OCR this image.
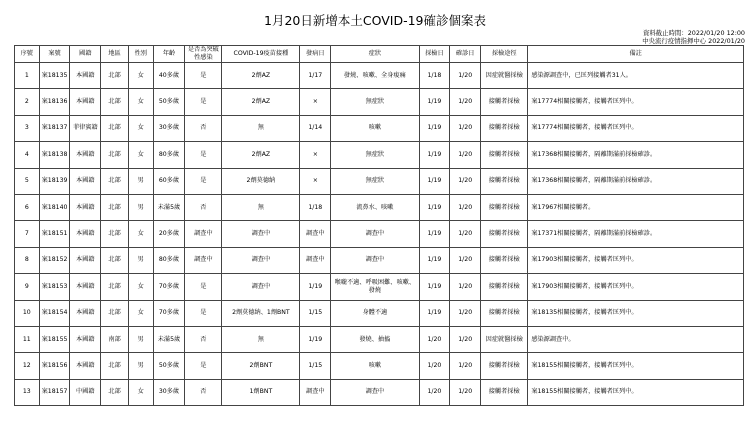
1月20日新增本土COVID-19確診個案表
資料截止時間：2022/01/20 12:00
中央流行疫情指揮中心 2022/01/20
序號	案號	國籍	地區	性別	年齡	是否為突破性感染	COVID-19疫苗接種	發病日	症狀	採檢日	確診日	採檢途徑	備註
1	案18135	本國籍	北部	女	40多歲	是	2劑AZ	1/17	發燒、咳嗽、全身痠痛	1/18	1/20	因症就醫採檢	感染源調查中，已匡列接觸者31人。
2	案18136	本國籍	北部	女	50多歲	是	2劑AZ	×	無症狀	1/19	1/20	接觸者採檢	案17774相關接觸者，接觸者匡列中。
3	案18137	菲律賓籍	北部	女	30多歲	否	無	1/14	咳嗽	1/19	1/20	接觸者採檢	案17774相關接觸者，接觸者匡列中。
4	案18138	本國籍	北部	女	80多歲	是	2劑AZ	×	無症狀	1/19	1/20	接觸者採檢	案17368相關接觸者，隔離期滿前採檢確診。
5	案18139	本國籍	北部	男	60多歲	是	2劑莫德納	×	無症狀	1/19	1/20	接觸者採檢	案17368相關接觸者，隔離期滿前採檢確診。
6	案18140	本國籍	北部	男	未滿5歲	否	無	1/18	流鼻水、咳嗽	1/19	1/20	接觸者採檢	案17967相關接觸者。
7	案18151	本國籍	北部	女	20多歲	調查中	調查中	調查中	調查中	1/19	1/20	接觸者採檢	案17371相關接觸者，隔離期滿前採檢確診。
8	案18152	本國籍	北部	男	80多歲	調查中	調查中	調查中	調查中	1/19	1/20	接觸者採檢	案17903相關接觸者，接觸者匡列中。
9	案18153	本國籍	北部	女	70多歲	是	調查中	1/19	喉嚨不適、呼吸困難、咳嗽、發燒	1/19	1/20	接觸者採檢	案17903相關接觸者，接觸者匡列中。
10	案18154	本國籍	北部	女	70多歲	是	2劑莫德納、1劑BNT	1/15	身體不適	1/19	1/20	接觸者採檢	案18135相關接觸者，接觸者匡列中。
11	案18155	本國籍	南部	男	未滿5歲	否	無	1/19	發燒、抽搐	1/20	1/20	因症就醫採檢	感染源調查中。
12	案18156	本國籍	北部	男	50多歲	是	2劑BNT	1/15	咳嗽	1/20	1/20	接觸者採檢	案18155相關接觸者，接觸者匡列中。
13	案18157	中國籍	北部	女	30多歲	否	1劑BNT	調查中	調查中	1/20	1/20	接觸者採檢	案18155相關接觸者，接觸者匡列中。
